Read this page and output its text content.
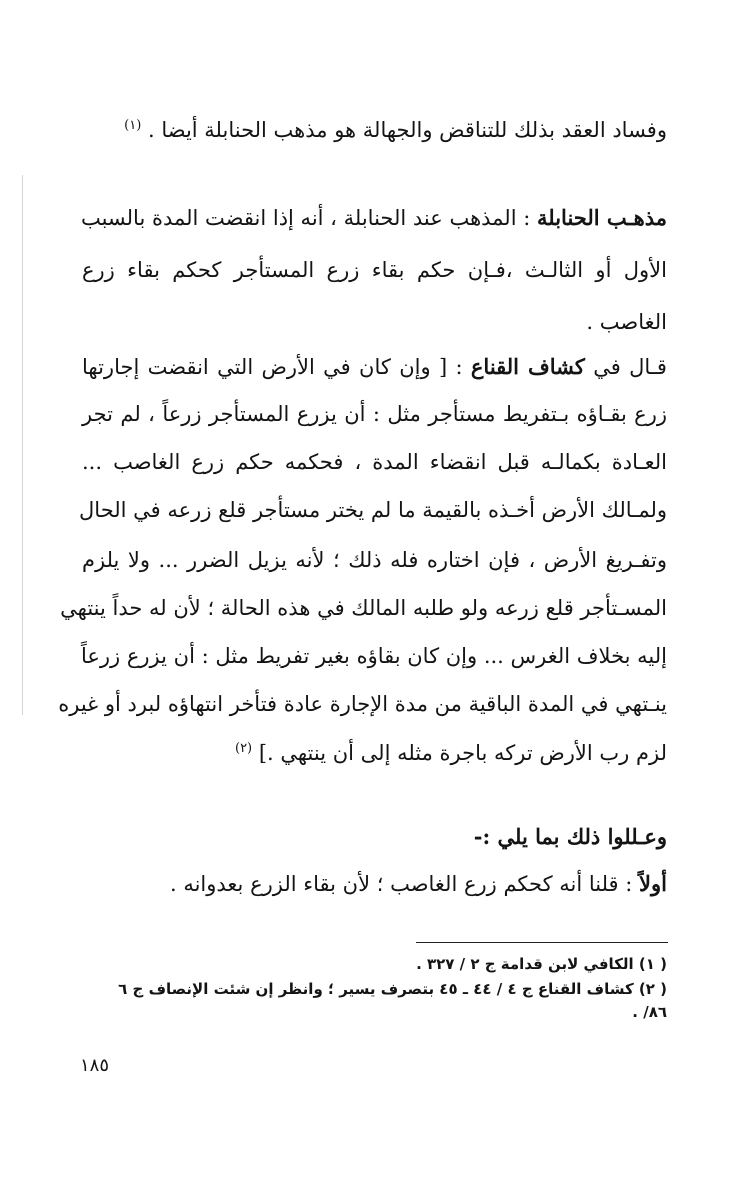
وفساد العقد بذلك للتناقض والجهالة هو مذهب الحنابلة أيضا . $^{(١)}$
مذهـب الحنابلة : المذهب عند الحنابلة ، أنه إذا انقضت المدة بالسبب
الأول أو الثالـث ،فـإن حكم بقاء زرع المستأجر كحكم بقاء زرع
الغاصب .
قـال في كشاف القناع : [ وإن كان في الأرض التي انقضت إجارتها
زرع بقـاؤه بـتفريط مستأجر مثل : أن يزرع المستأجر زرعاً ، لم تجر
العـادة بكمالـه قبل انقضاء المدة ، فحكمه حكم زرع الغاصب ...
ولمـالك الأرض أخـذه بالقيمة ما لم يختر مستأجر قلع زرعه في الحال
وتفـريغ الأرض ، فإن اختاره فله ذلك ؛ لأنه يزيل الضرر ... ولا يلزم
المسـتأجر قلع زرعه ولو طلبه المالك في هذه الحالة ؛ لأن له حداً ينتهي
إليه بخلاف الغرس ... وإن كان بقاؤه بغير تفريط مثل : أن يزرع زرعاً
ينـتهي في المدة الباقية من مدة الإجارة عادة فتأخر انتهاؤه لبرد أو غيره
لزم رب الأرض تركه باجرة مثله إلى أن ينتهي .] $^{(٢)}$
وعـللوا ذلك بما يلي :-
أولاً : قلنا أنه كحكم زرع الغاصب ؛ لأن بقاء الزرع بعدوانه .
( ١) الكافي لابن قدامة ج ٢ / ٣٢٧ .
( ٢) كشاف القناع ج ٤ / ٤٤ ـ ٤٥ بتصرف يسير ؛ وانظر إن شئت الإنصاف ج ٦
٨٦/ .
١٨٥
